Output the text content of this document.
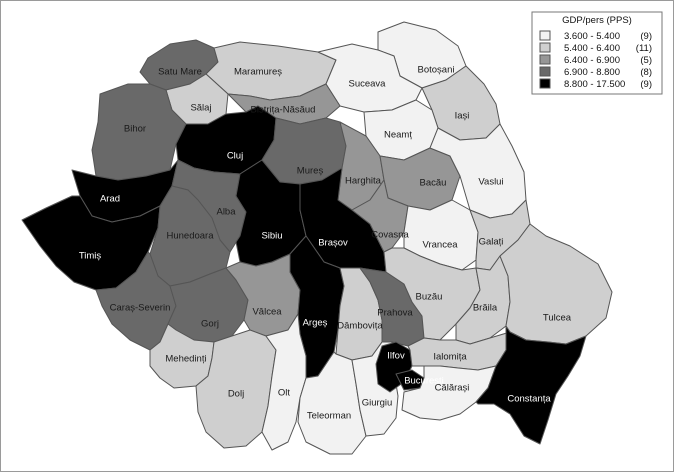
Satu Mare	Maramureș	Botoșani
Suceava
Sălaj	Bistrița-Năsăud
Iași
Bihor
Cluj
Neamț
Mureș
Harghita	Bacău	Vaslui
Arad
Alba
Sibiu
Brașov
Covasna
Vrancea Galați
Timiș
Hunedoara
Caraș-Severin
Gorj
Vâlcea
Argeș Dâmbovița
Prahova
Buzău
Brăila
Tulcea
Mehedinți
Dolj	Olt
Teleorman
Giurgiu
Ilfov
București
Ialomița
Călărași
Constanța
GDP/pers (PPS)
3.600 - 5.400 (9)
5.400 - 6.400 (11)
6.400 - 6.900 (5)
6.900 - 8.800 (8)
8.800 - 17.500 (9)
